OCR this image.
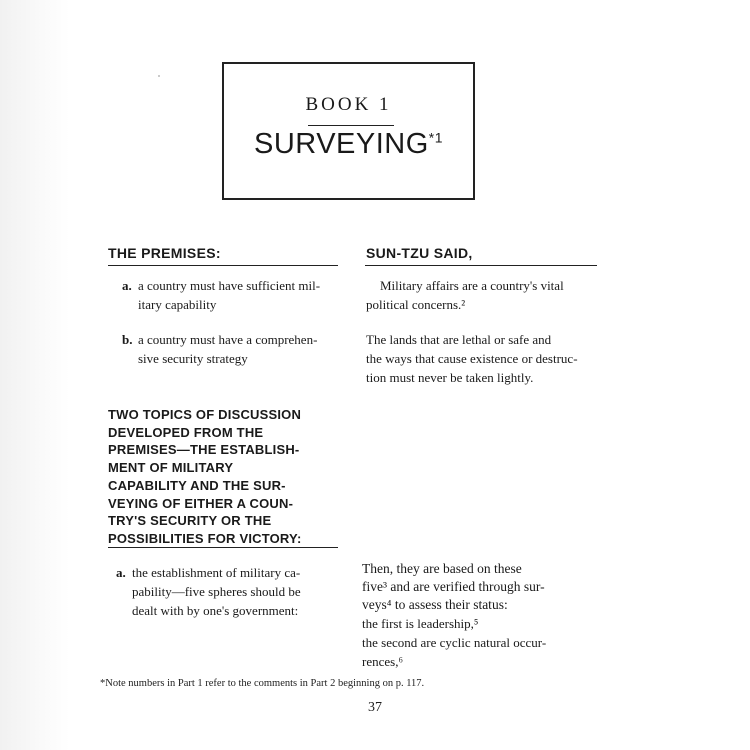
BOOK 1
SURVEYING$^{*1}$
THE PREMISES:	SUN-TZU SAID,
a. a country must have sufficient mil-
itary capability
b. a country must have a comprehen-
sive security strategy
TWO TOPICS OF DISCUSSION
DEVELOPED FROM THE
PREMISES—THE ESTABLISH-
MENT OF MILITARY
CAPABILITY AND THE SUR-
VEYING OF EITHER A COUN-
TRY'S SECURITY OR THE
POSSIBILITIES FOR VICTORY:
a. the establishment of military ca-
pability—five spheres should be
dealt with by one's government:
Military affairs are a country's vital
political concerns.²
The lands that are lethal or safe and
the ways that cause existence or destruc-
tion must never be taken lightly.
Then, they are based on these
five³ and are verified through sur-
veys⁴ to assess their status:
the first is leadership,⁵
the second are cyclic natural occur-
rences,⁶
*Note numbers in Part 1 refer to the comments in Part 2 beginning on p. 117.
37
